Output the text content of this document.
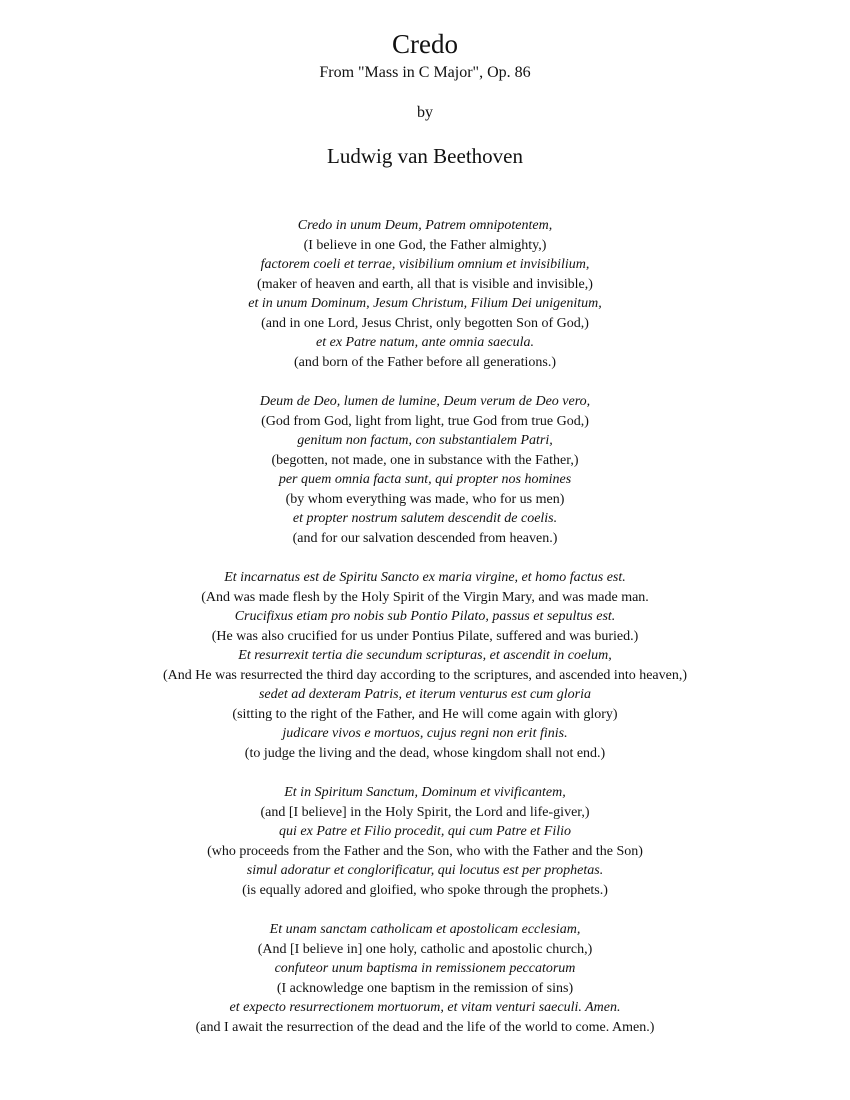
Credo
From "Mass in C Major", Op. 86
by
Ludwig van Beethoven
Credo in unum Deum, Patrem omnipotentem,
(I believe in one God, the Father almighty,)
factorem coeli et terrae, visibilium omnium et invisibilium,
(maker of heaven and earth, all that is visible and invisible,)
et in unum Dominum, Jesum Christum, Filium Dei unigenitum,
(and in one Lord, Jesus Christ, only begotten Son of God,)
et ex Patre natum, ante omnia saecula.
(and born of the Father before all generations.)
Deum de Deo, lumen de lumine, Deum verum de Deo vero,
(God from God, light from light, true God from true God,)
genitum non factum, con substantialem Patri,
(begotten, not made, one in substance with the Father,)
per quem omnia facta sunt, qui propter nos homines
(by whom everything was made, who for us men)
et propter nostrum salutem descendit de coelis.
(and for our salvation descended from heaven.)
Et incarnatus est de Spiritu Sancto ex maria virgine, et homo factus est.
(And was made flesh by the Holy Spirit of the Virgin Mary, and was made man.
Crucifixus etiam pro nobis sub Pontio Pilato, passus et sepultus est.
(He was also crucified for us under Pontius Pilate, suffered and was buried.)
Et resurrexit tertia die secundum scripturas, et ascendit in coelum,
(And He was resurrected the third day according to the scriptures, and ascended into heaven,)
sedet ad dexteram Patris, et iterum venturus est cum gloria
(sitting to the right of the Father, and He will come again with glory)
judicare vivos e mortuos, cujus regni non erit finis.
(to judge the living and the dead, whose kingdom shall not end.)
Et in Spiritum Sanctum, Dominum et vivificantem,
(and [I believe] in the Holy Spirit, the Lord and life-giver,)
qui ex Patre et Filio procedit, qui cum Patre et Filio
(who proceeds from the Father and the Son, who with the Father and the Son)
simul adoratur et conglorificatur, qui locutus est per prophetas.
(is equally adored and gloified, who spoke through the prophets.)
Et unam sanctam catholicam et apostolicam ecclesiam,
(And [I believe in] one holy, catholic and apostolic church,)
confuteor unum baptisma in remissionem peccatorum
(I acknowledge one baptism in the remission of sins)
et expecto resurrectionem mortuorum, et vitam venturi saeculi. Amen.
(and I await the resurrection of the dead and the life of the world to come. Amen.)
